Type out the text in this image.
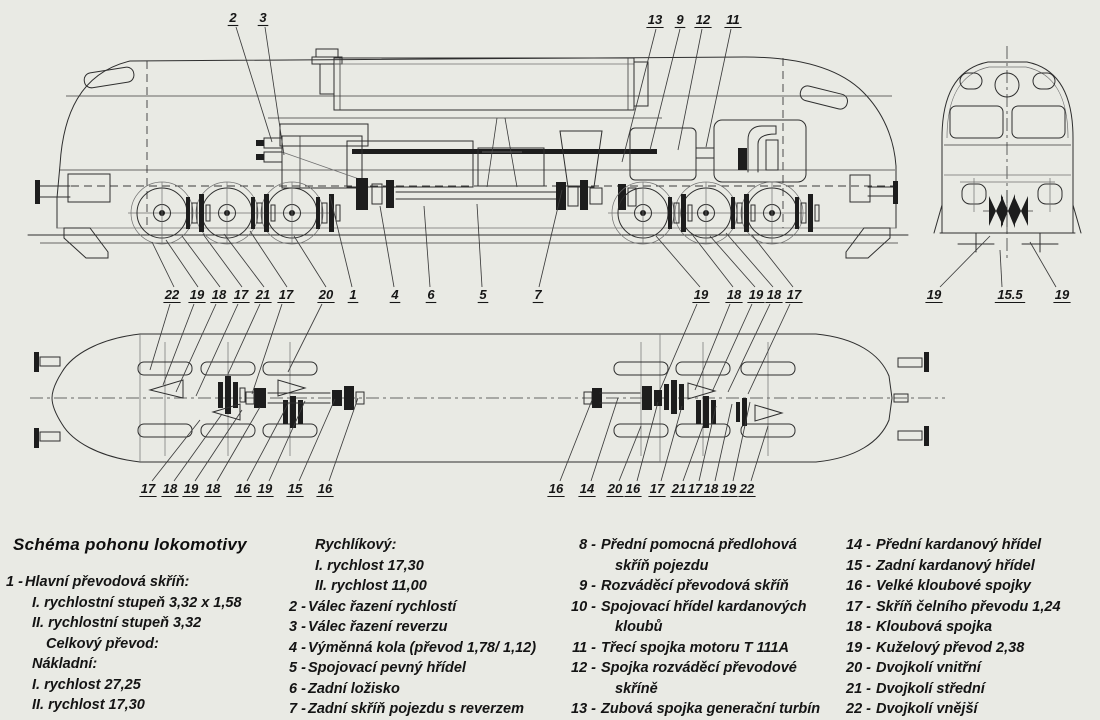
2 3	13 9 12 11
22 19 18 17 21 17 20 1	4 6	5	7	19 18 19 18 17	19	15.5 19
17 18 19 18 16 19 15 16	16 14 20 16 17 21 17 18 19 22
Schéma pohonu lokomotivy
1 - Hlavní převodová skříň:
I. rychlostní stupeň 3,32 x 1,58
II. rychlostní stupeň 3,32
Celkový převod:
Nákladní:
I. rychlost 27,25
II. rychlost 17,30
Rychlíkový:
I. rychlost 17,30
II. rychlost 11,00
2 - Válec řazení rychlostí
3 - Válec řazení reverzu
4 - Výměnná kola (převod 1,78/ 1,12)
5 - Spojovací pevný hřídel
6 - Zadní ložisko
7 - Zadní skříň pojezdu s reverzem
8 - Přední pomocná předlohová
skříň pojezdu
9 - Rozváděcí převodová skříň
10 - Spojovací hřídel kardanových
kloubů
11 - Třecí spojka motoru T 111A
12 - Spojka rozváděcí převodové
skříně
13 - Zubová spojka generační turbín
14 - Přední kardanový hřídel
15 - Zadní kardanový hřídel
16 - Velké kloubové spojky
17 - Skříň čelního převodu 1,24
18 - Kloubová spojka
19 - Kuželový převod 2,38
20 - Dvojkolí vnitřní
21 - Dvojkolí střední
22 - Dvojkolí vnější
